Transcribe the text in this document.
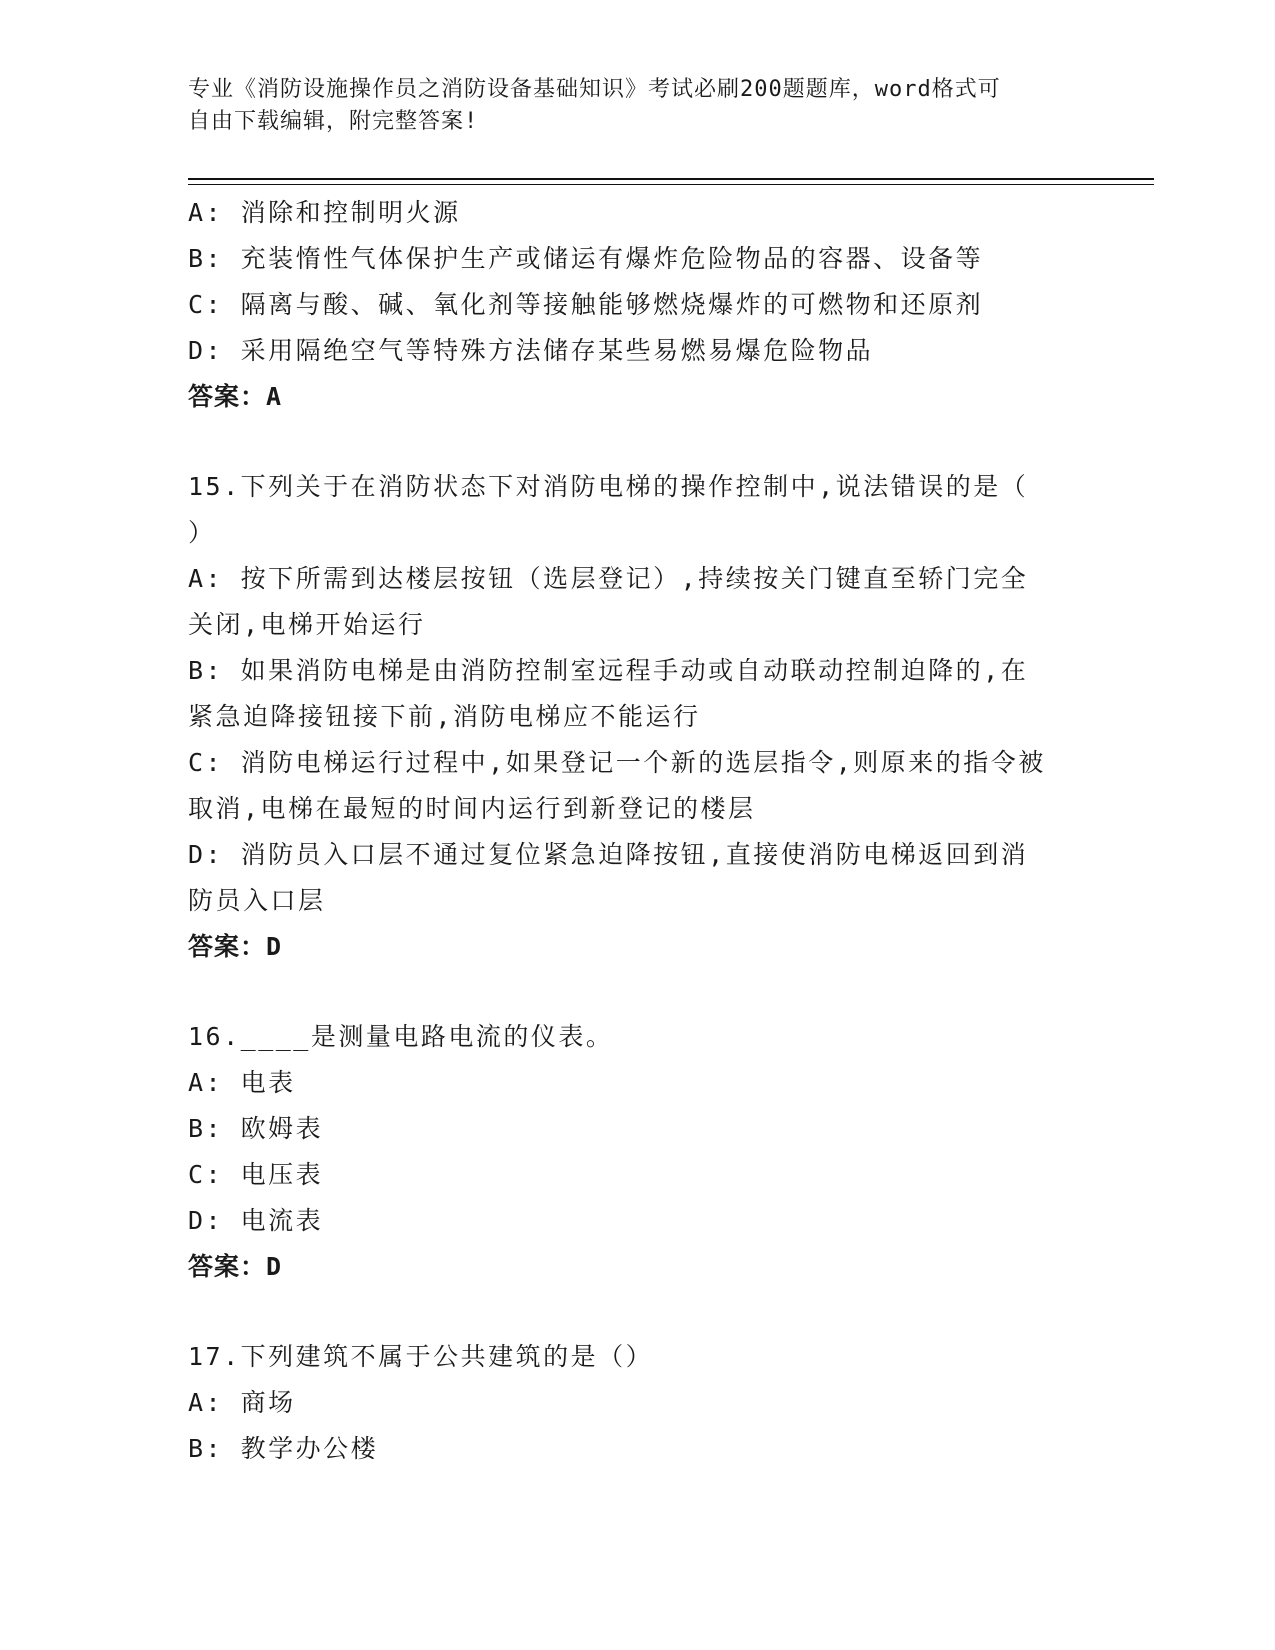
专业《消防设施操作员之消防设备基础知识》考试必刷200题题库，word格式可
自由下载编辑，附完整答案!

A: 消除和控制明火源

B: 充装惰性气体保护生产或储运有爆炸危险物品的容器、设备等

C: 隔离与酸、碱、氧化剂等接触能够燃烧爆炸的可燃物和还原剂

D: 采用隔绝空气等特殊方法储存某些易燃易爆危险物品

答案：A

15.下列关于在消防状态下对消防电梯的操作控制中,说法错误的是（

）

A: 按下所需到达楼层按钮（选层登记）,持续按关门键直至轿门完全

关闭,电梯开始运行

B: 如果消防电梯是由消防控制室远程手动或自动联动控制迫降的,在

紧急迫降接钮接下前,消防电梯应不能运行

C: 消防电梯运行过程中,如果登记一个新的选层指令,则原来的指令被

取消,电梯在最短的时间内运行到新登记的楼层

D: 消防员入口层不通过复位紧急迫降按钮,直接使消防电梯返回到消

防员入口层

答案：D

16.____是测量电路电流的仪表。

A: 电表

B: 欧姆表

C: 电压表

D: 电流表

答案：D

17.下列建筑不属于公共建筑的是（）

A: 商场

B: 教学办公楼
